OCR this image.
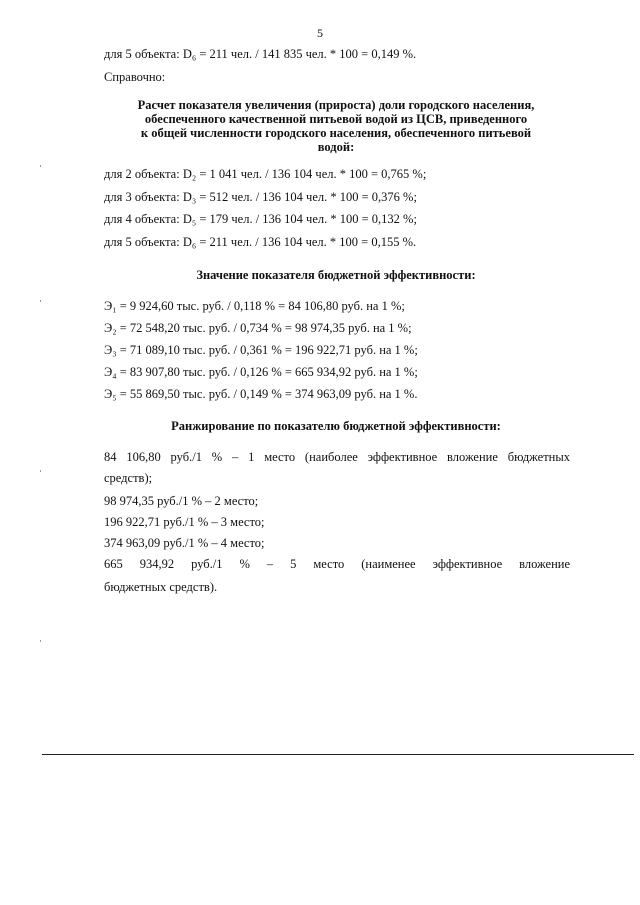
5
для 5 объекта: D₆ = 211 чел. / 141 835 чел. * 100 = 0,149 %.
Справочно:
Расчет показателя увеличения (прироста) доли городского населения,
обеспеченного качественной питьевой водой из ЦСВ, приведенного
к общей численности городского населения, обеспеченного питьевой
водой:
для 2 объекта: D₂ = 1 041 чел. / 136 104 чел. * 100 = 0,765 %;
для 3 объекта: D₃ = 512 чел. / 136 104 чел. * 100 = 0,376 %;
для 4 объекта: D₅ = 179 чел. / 136 104 чел. * 100 = 0,132 %;
для 5 объекта: D₆ = 211 чел. / 136 104 чел. * 100 = 0,155 %.
Значение показателя бюджетной эффективности:
Э₁ = 9 924,60 тыс. руб. / 0,118 % = 84 106,80 руб. на 1 %;
Э₂ = 72 548,20 тыс. руб. / 0,734 % = 98 974,35 руб. на 1 %;
Э₃ = 71 089,10 тыс. руб. / 0,361 % = 196 922,71 руб. на 1 %;
Э₄ = 83 907,80 тыс. руб. / 0,126 % = 665 934,92 руб. на 1 %;
Э₅ = 55 869,50 тыс. руб. / 0,149 % = 374 963,09 руб. на 1 %.
Ранжирование по показателю бюджетной эффективности:
84 106,80 руб./1 % – 1 место (наиболее эффективное вложение бюджетных
средств);
98 974,35 руб./1 % – 2 место;
196 922,71 руб./1 % – 3 место;
374 963,09 руб./1 % – 4 место;
665 934,92 руб./1 % – 5 место (наименее эффективное вложение
бюджетных средств).
